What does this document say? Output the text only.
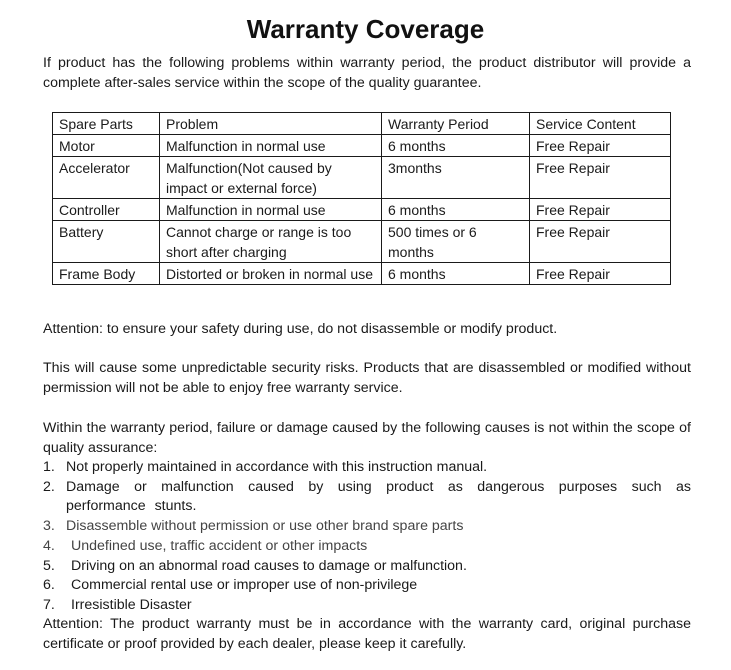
Warranty Coverage

If product has the following problems within warranty period, the product distributor will provide a complete after-sales service within the scope of the quality guarantee.

Spare Parts	Problem	Warranty Period	Service Content
Motor	Malfunction in normal use	6 months	Free Repair
Accelerator	Malfunction(Not caused by impact or external force)	3months	Free Repair
Controller	Malfunction in normal use	6 months	Free Repair
Battery	Cannot charge or range is too short after charging	500 times or 6 months	Free Repair
Frame Body	Distorted or broken in normal use	6 months	Free Repair

Attention: to ensure your safety during use, do not disassemble or modify product.

This will cause some unpredictable security risks. Products that are disassembled or modified without permission will not be able to enjoy free warranty service.

Within the warranty period, failure or damage caused by the following causes is not within the scope of quality assurance:

1. Not properly maintained in accordance with this instruction manual.
2. Damage or malfunction caused by using product as dangerous purposes such as performance stunts.
3. Disassemble without permission or use other brand spare parts
4. Undefined use, traffic accident or other impacts
5. Driving on an abnormal road causes to damage or malfunction.
6. Commercial rental use or improper use of non-privilege
7. Irresistible Disaster

Attention: The product warranty must be in accordance with the warranty card, original purchase certificate or proof provided by each dealer, please keep it carefully.
